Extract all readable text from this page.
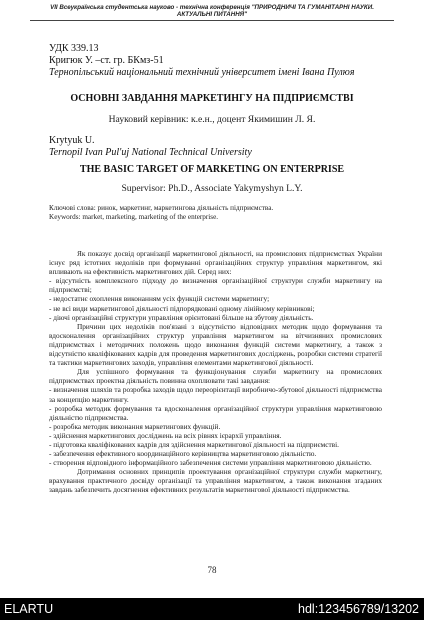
VII Всеукраїнська студентська науково - технічна конференція "ПРИРОДНИЧІ ТА ГУМАНІТАРНІ НАУКИ.
АКТУАЛЬНІ ПИТАННЯ"
УДК 339.13
Кригюк У. –ст. гр. БКмз-51
Тернопільський національний технічний університет імені Івана Пулюя
ОСНОВНІ ЗАВДАННЯ МАРКЕТИНГУ НА ПІДПРИЄМСТВІ
Науковий керівник: к.е.н., доцент Якимишин Л. Я.
Krytyuk U.
Ternopil Ivan Pul'uj National Technical University
THE BASIC TARGET OF MARKETING ON ENTERPRISE
Supervisor: Ph.D., Associate Yakymyshyn L.Y.
Ключові слова: ринок, маркетинг, маркетингова діяльність підприємства.
Keywords: market, marketing, marketing of the enterprise.

Як показує досвід організації маркетингової діяльності, на промислових підприємствах України існує ряд істотних недоліків при формуванні організаційних структур управління маркетингом, які впливають на ефективність маркетингових дій. Серед них:

- відсутність комплексного підходу до визначення організаційної структури служби маркетингу на підприємстві;

- недостатнє охоплення виконанням усіх функцій системи маркетингу;

- не всі види маркетингової діяльності підпорядковані одному лінійному керівникові;

- діючі організаційні структури управління орієнтовані більше на збутову діяльність.

Причини цих недоліків пов'язані з відсутністю відповідних методик щодо формування та вдосконалення організаційних структур управління маркетингом на вітчизняних промислових підприємствах і методичних положень щодо виконання функцій системи маркетингу, а також з відсутністю кваліфікованих кадрів для проведення маркетингових досліджень, розробки системи стратегії та тактики маркетингових заходів, управління елементами маркетингової діяльності.

Для успішного формування та функціонування служби маркетингу на промислових підприємствах проектна діяльність повинна охоплювати такі завдання:

- визначення шляхів та розробка заходів щодо переорієнтації виробничо-збутової діяльності підприємства за концепцію маркетингу.

- розробка методик формування та вдосконалення організаційної структури управління маркетинговою діяльністю підприємства.

- розробка методик виконання маркетингових функцій.

- здійснення маркетингових досліджень на всіх рівнях ієрархії управління.

- підготовка кваліфікованих кадрів для здійснення маркетингової діяльності на підприємстві.

- забезпечення ефективного координаційного керівництва маркетинговою діяльністю.

- створення відповідного інформаційного забезпечення системи управління маркетинговою діяльністю.

Дотримання основних принципів проектування організаційної структури служби маркетингу, врахування практичного досвіду організації та управління маркетингом, а також виконання згаданих завдань забезпечить досягнення ефективних результатів маркетингової діяльності підприємства.

78
ELARTU	hdl:123456789/13202
